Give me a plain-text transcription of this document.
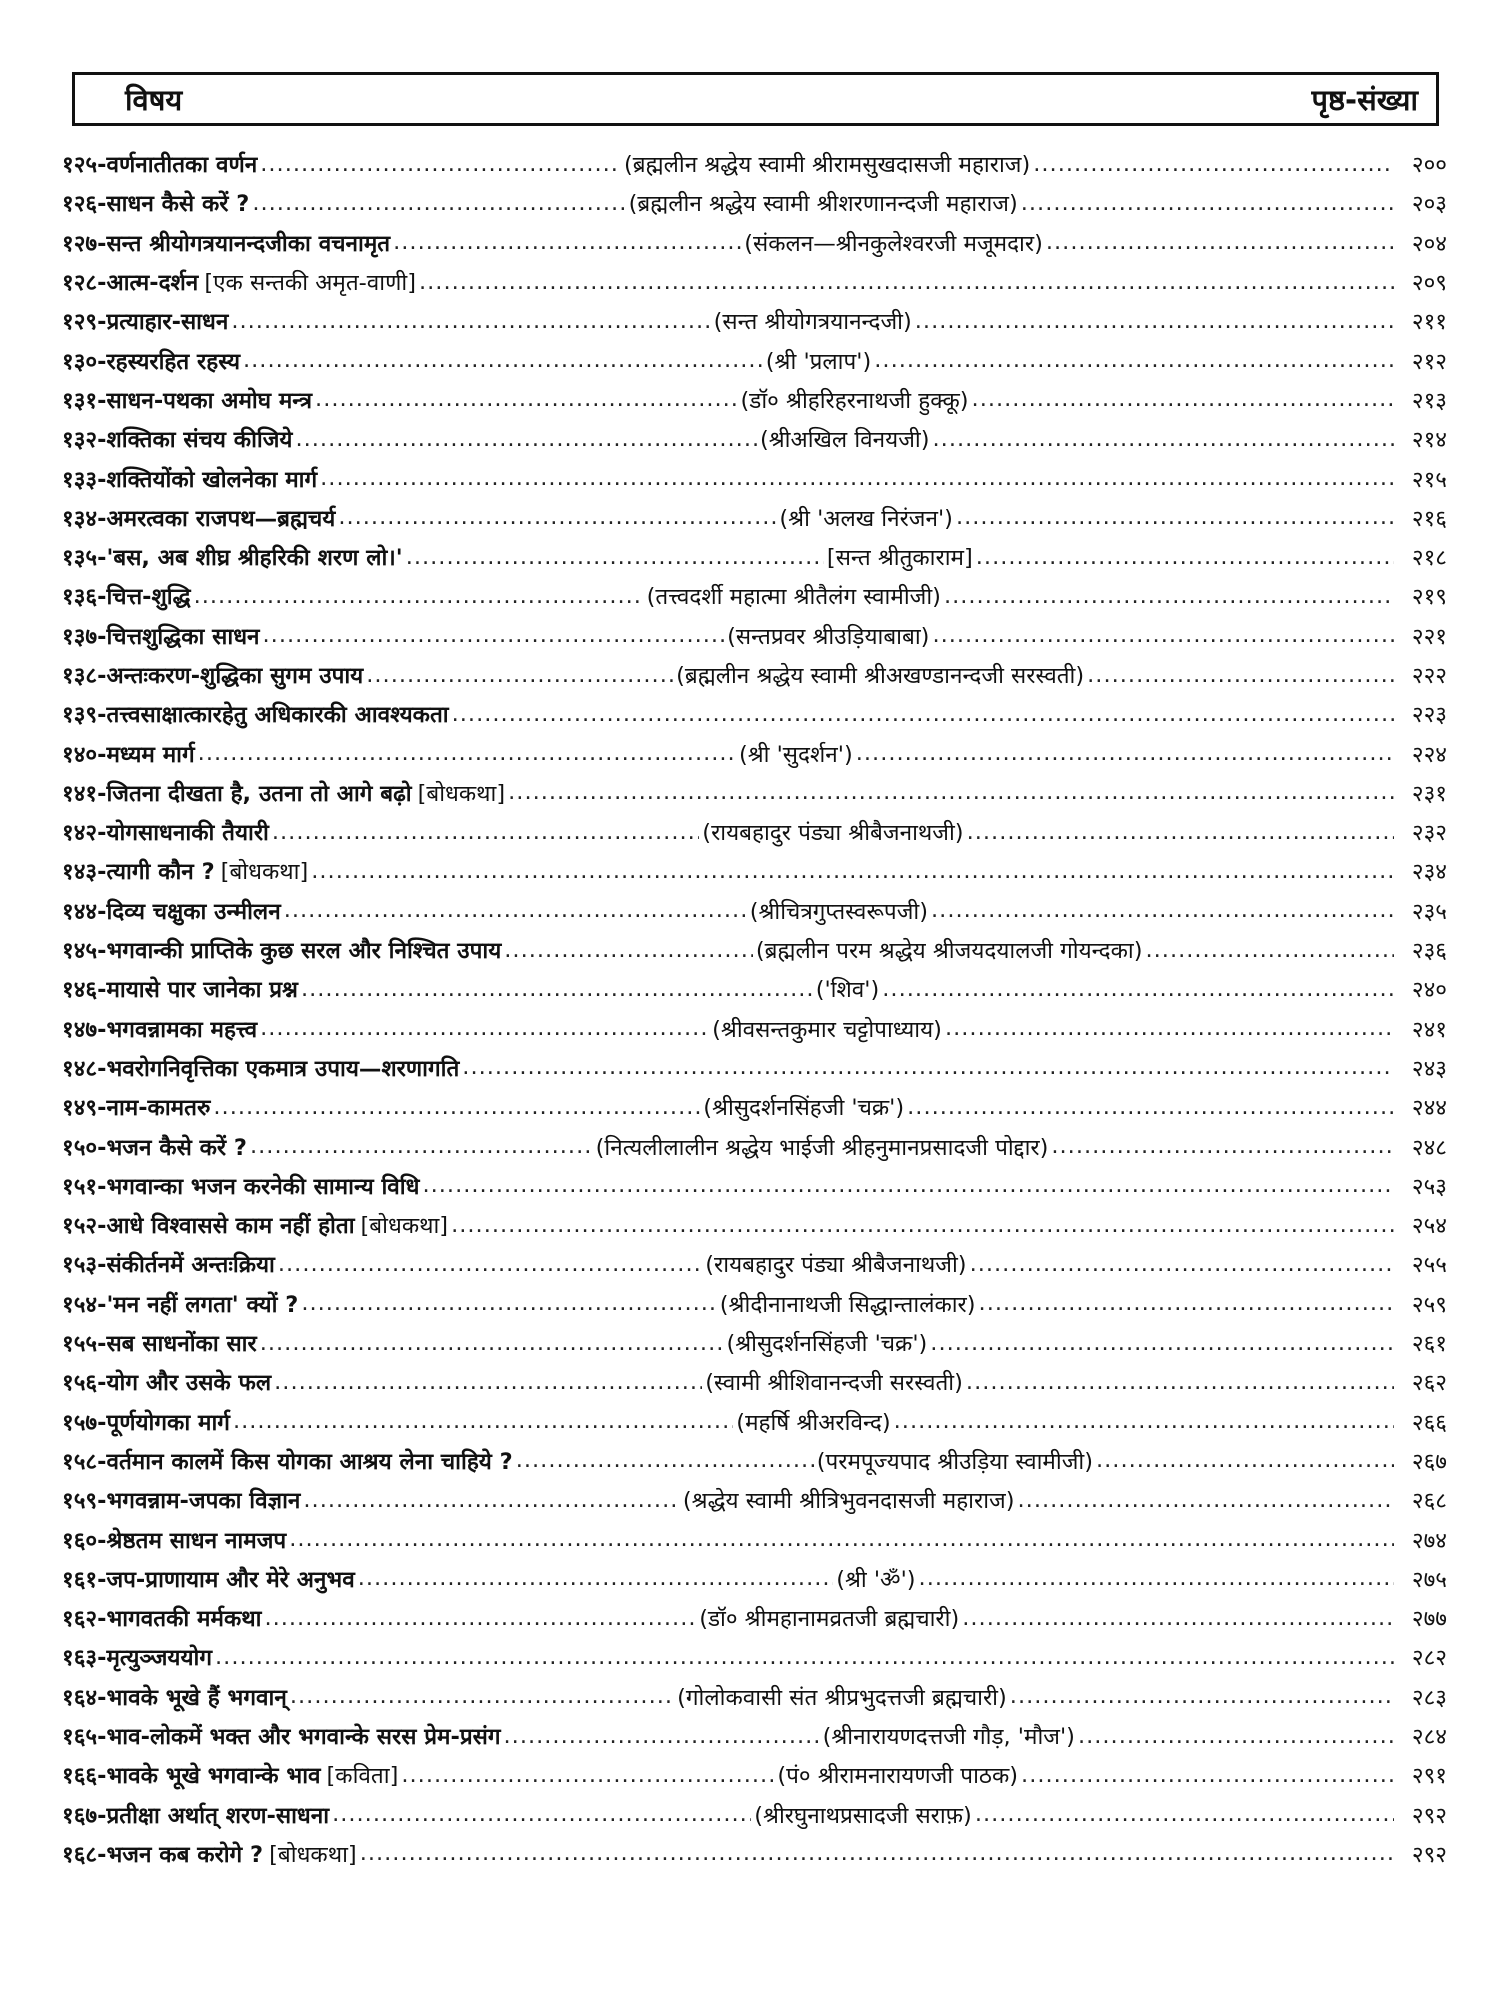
विषय	पृष्ठ-संख्या
१२५- वर्णनातीतका वर्णन .....	(ब्रह्मलीन श्रद्धेय स्वामी श्रीरामसुखदासजी महाराज) .....	२००
१२६- साधन कैसे करें ? .....	(ब्रह्मलीन श्रद्धेय स्वामी श्रीशरणानन्दजी महाराज) .....	२०३
१२७- सन्त श्रीयोगत्रयानन्दजीका वचनामृत .....	(संकलन—श्रीनकुलेश्वरजी मजूमदार) .....	२०४
१२८- आत्म-दर्शन [एक सन्तकी अमृत-वाणी] .....	२०९
१२९- प्रत्याहार-साधन .....	(सन्त श्रीयोगत्रयानन्दजी) .....	२११
१३०- रहस्यरहित रहस्य .....	(श्री 'प्रलाप') .....	२१२
१३१- साधन-पथका अमोघ मन्त्र .....	(डॉ० श्रीहरिहरनाथजी हुक्कू) .....	२१३
१३२- शक्तिका संचय कीजिये .....	(श्रीअखिल विनयजी) .....	२१४
१३३- शक्तियोंको खोलनेका मार्ग .....	२१५
१३४- अमरत्वका राजपथ—ब्रह्मचर्य .....	(श्री 'अलख निरंजन') .....	२१६
१३५- 'बस, अब शीघ्र श्रीहरिकी शरण लो।' .....	[सन्त श्रीतुकाराम] .....	२१८
१३६- चित्त-शुद्धि .....	(तत्त्वदर्शी महात्मा श्रीतैलंग स्वामीजी) .....	२१९
१३७- चित्तशुद्धिका साधन .....	(सन्तप्रवर श्रीउड़ियाबाबा) .....	२२१
१३८- अन्तःकरण-शुद्धिका सुगम उपाय .....	(ब्रह्मलीन श्रद्धेय स्वामी श्रीअखण्डानन्दजी सरस्वती) .....	२२२
१३९- तत्त्वसाक्षात्कारहेतु अधिकारकी आवश्यकता .....	२२३
१४०- मध्यम मार्ग .....	(श्री 'सुदर्शन') .....	२२४
१४१- जितना दीखता है, उतना तो आगे बढ़ो [बोधकथा] .....	२३१
१४२- योगसाधनाकी तैयारी .....	(रायबहादुर पंड्या श्रीबैजनाथजी) .....	२३२
१४३- त्यागी कौन ? [बोधकथा] .....	२३४
१४४- दिव्य चक्षुका उन्मीलन .....	(श्रीचित्रगुप्तस्वरूपजी) .....	२३५
१४५- भगवान्की प्राप्तिके कुछ सरल और निश्चित उपाय .....	(ब्रह्मलीन परम श्रद्धेय श्रीजयदयालजी गोयन्दका) .....	२३६
१४६- मायासे पार जानेका प्रश्न .....	('शिव') .....	२४०
१४७- भगवन्नामका महत्त्व .....	(श्रीवसन्तकुमार चट्टोपाध्याय) .....	२४१
१४८- भवरोगनिवृत्तिका एकमात्र उपाय—शरणागति .....	२४३
१४९- नाम-कामतरु .....	(श्रीसुदर्शनसिंहजी 'चक्र') .....	२४४
१५०- भजन कैसे करें ? .....	(नित्यलीलालीन श्रद्धेय भाईजी श्रीहनुमानप्रसादजी पोद्दार) .....	२४८
१५१- भगवान्का भजन करनेकी सामान्य विधि .....	२५३
१५२- आधे विश्वाससे काम नहीं होता [बोधकथा] .....	२५४
१५३- संकीर्तनमें अन्तःक्रिया .....	(रायबहादुर पंड्या श्रीबैजनाथजी) .....	२५५
१५४- 'मन नहीं लगता' क्यों ? .....	(श्रीदीनानाथजी सिद्धान्तालंकार) .....	२५९
१५५- सब साधनोंका सार .....	(श्रीसुदर्शनसिंहजी 'चक्र') .....	२६१
१५६- योग और उसके फल .....	(स्वामी श्रीशिवानन्दजी सरस्वती) .....	२६२
१५७- पूर्णयोगका मार्ग .....	(महर्षि श्रीअरविन्द) .....	२६६
१५८- वर्तमान कालमें किस योगका आश्रय लेना चाहिये ? .....	(परमपूज्यपाद श्रीउड़िया स्वामीजी) .....	२६७
१५९- भगवन्नाम-जपका विज्ञान .....	(श्रद्धेय स्वामी श्रीत्रिभुवनदासजी महाराज) .....	२६८
१६०- श्रेष्ठतम साधन नामजप .....	२७४
१६१- जप-प्राणायाम और मेरे अनुभव .....	(श्री 'ॐ') .....	२७५
१६२- भागवतकी मर्मकथा .....	(डॉ० श्रीमहानामव्रतजी ब्रह्मचारी) .....	२७७
१६३- मृत्युञ्जययोग .....	२८२
१६४- भावके भूखे हैं भगवान् .....	(गोलोकवासी संत श्रीप्रभुदत्तजी ब्रह्मचारी) .....	२८३
१६५- भाव-लोकमें भक्त और भगवान्के सरस प्रेम-प्रसंग .....	(श्रीनारायणदत्तजी गौड़, 'मौज') .....	२८४
१६६- भावके भूखे भगवान्के भाव [कविता] .....	(पं० श्रीरामनारायणजी पाठक) .....	२९१
१६७- प्रतीक्षा अर्थात् शरण-साधना .....	(श्रीरघुनाथप्रसादजी सराफ़) .....	२९२
१६८- भजन कब करोगे ? [बोधकथा] .....	२९२
